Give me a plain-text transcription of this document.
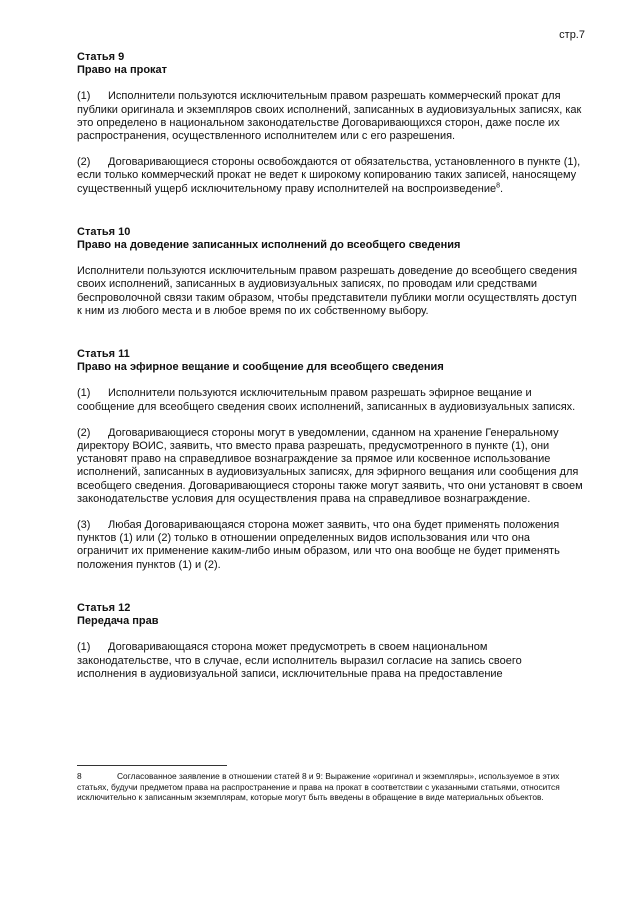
стр.7
Статья 9
Право на прокат

(1) Исполнители пользуются исключительным правом разрешать коммерческий прокат для публики оригинала и экземпляров своих исполнений, записанных в аудиовизуальных записях, как это определено в национальном законодательстве Договаривающихся сторон, даже после их распространения, осуществленного исполнителем или с его разрешения.

(2) Договаривающиеся стороны освобождаются от обязательства, установленного в пункте (1), если только коммерческий прокат не ведет к широкому копированию таких записей, наносящему существенный ущерб исключительному праву исполнителей на воспроизведение$^8$.

Статья 10
Право на доведение записанных исполнений до всеобщего сведения

Исполнители пользуются исключительным правом разрешать доведение до всеобщего сведения своих исполнений, записанных в аудиовизуальных записях, по проводам или средствами беспроволочной связи таким образом, чтобы представители публики могли осуществлять доступ к ним из любого места и в любое время по их собственному выбору.

Статья 11
Право на эфирное вещание и сообщение для всеобщего сведения

(1) Исполнители пользуются исключительным правом разрешать эфирное вещание и сообщение для всеобщего сведения своих исполнений, записанных в аудиовизуальных записях.

(2) Договаривающиеся стороны могут в уведомлении, сданном на хранение Генеральному директору ВОИС, заявить, что вместо права разрешать, предусмотренного в пункте (1), они установят право на справедливое вознаграждение за прямое или косвенное использование исполнений, записанных в аудиовизуальных записях, для эфирного вещания или сообщения для всеобщего сведения. Договаривающиеся стороны также могут заявить, что они установят в своем законодательстве условия для осуществления права на справедливое вознаграждение.

(3) Любая Договаривающаяся сторона может заявить, что она будет применять положения пунктов (1) или (2) только в отношении определенных видов использования или что она ограничит их применение каким-либо иным образом, или что она вообще не будет применять положения пунктов (1) и (2).

Статья 12
Передача прав

(1) Договаривающаяся сторона может предусмотреть в своем национальном законодательстве, что в случае, если исполнитель выразил согласие на запись своего исполнения в аудиовизуальной записи, исключительные права на предоставление

8	Согласованное заявление в отношении статей 8 и 9: Выражение «оригинал и экземпляры», используемое в этих статьях, будучи предметом права на распространение и права на прокат в соответствии с указанными статьями, относится исключительно к записанным экземплярам, которые могут быть введены в обращение в виде материальных объектов.
